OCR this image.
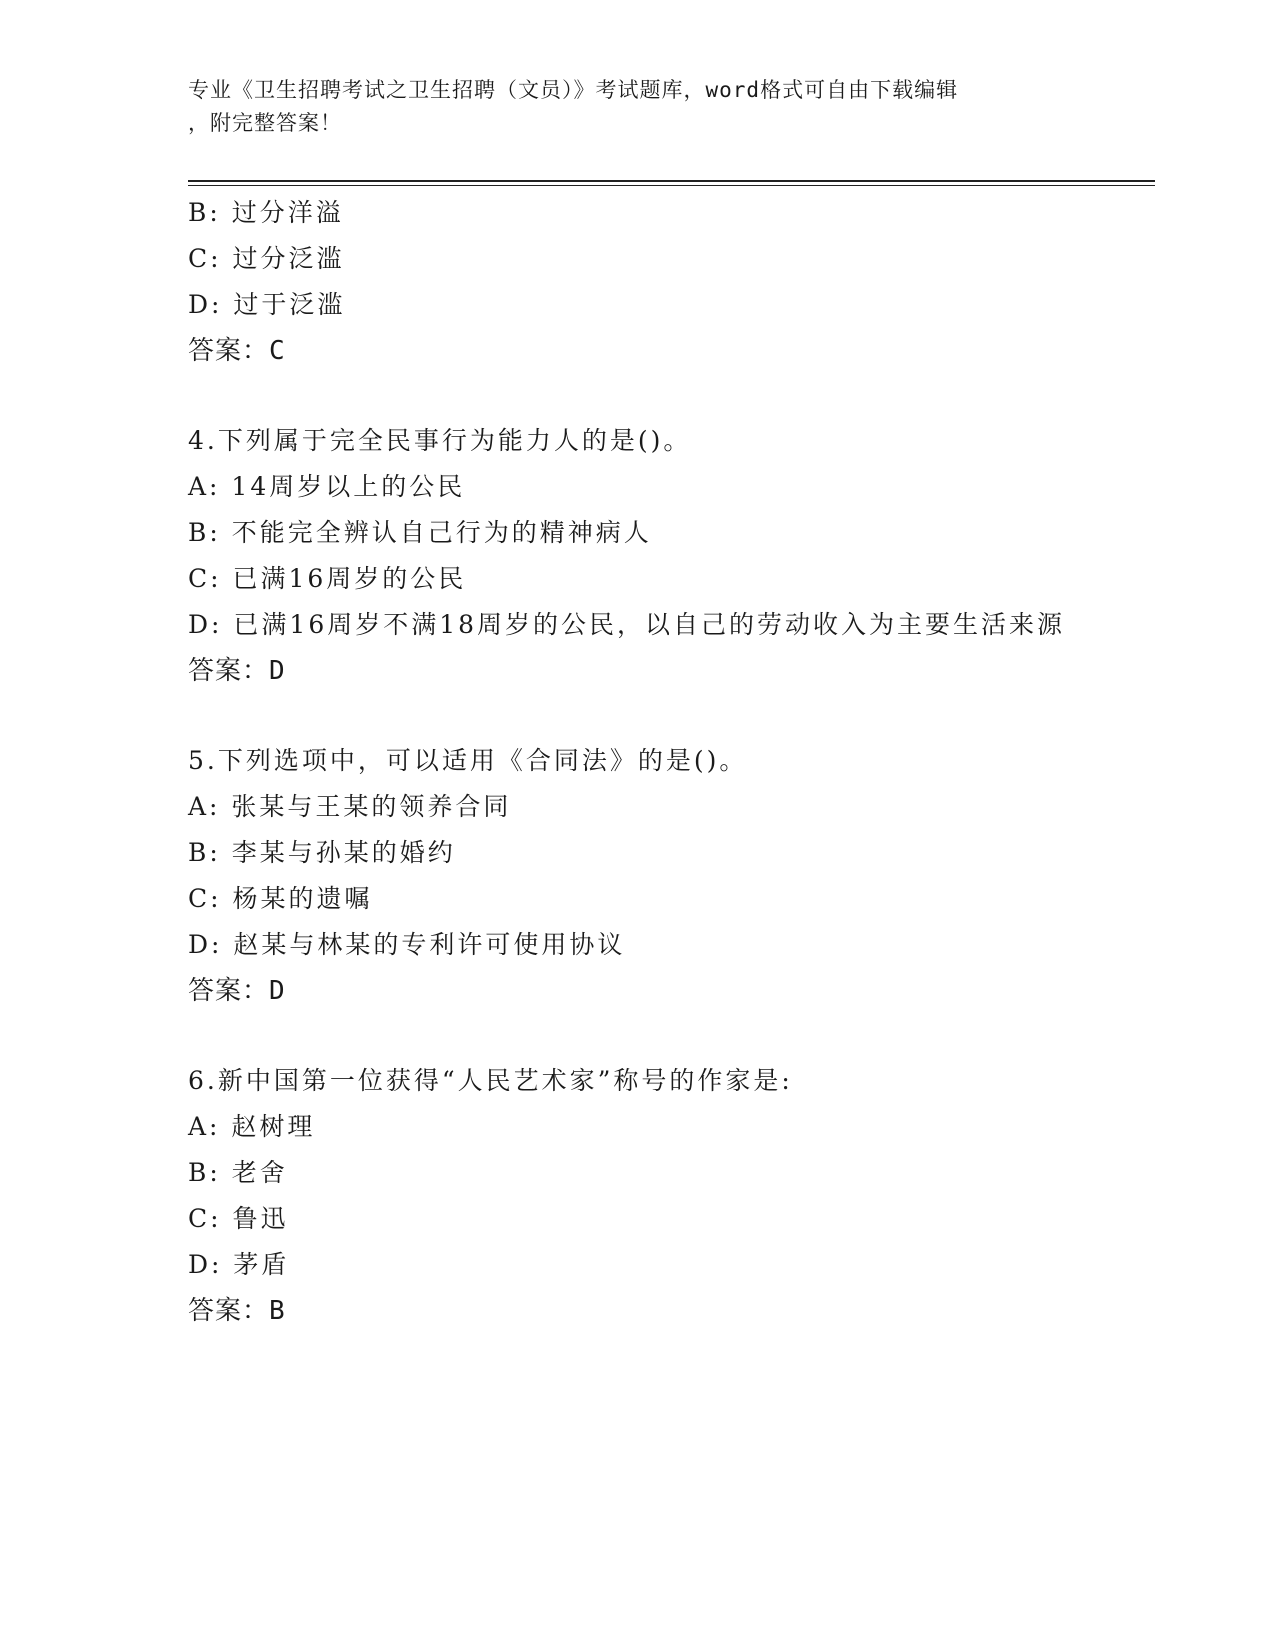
专业《卫生招聘考试之卫生招聘（文员）》考试题库，word格式可自由下载编辑
，附完整答案！
B: 过分洋溢
C: 过分泛滥
D: 过于泛滥
答案：C
4.下列属于完全民事行为能力人的是()。
A: 14周岁以上的公民
B: 不能完全辨认自己行为的精神病人
C: 已满16周岁的公民
D: 已满16周岁不满18周岁的公民，以自己的劳动收入为主要生活来源
答案：D
5.下列选项中，可以适用《合同法》的是()。
A: 张某与王某的领养合同
B: 李某与孙某的婚约
C: 杨某的遗嘱
D: 赵某与林某的专利许可使用协议
答案：D
6.新中国第一位获得“人民艺术家”称号的作家是:
A: 赵树理
B: 老舍
C: 鲁迅
D: 茅盾
答案：B
